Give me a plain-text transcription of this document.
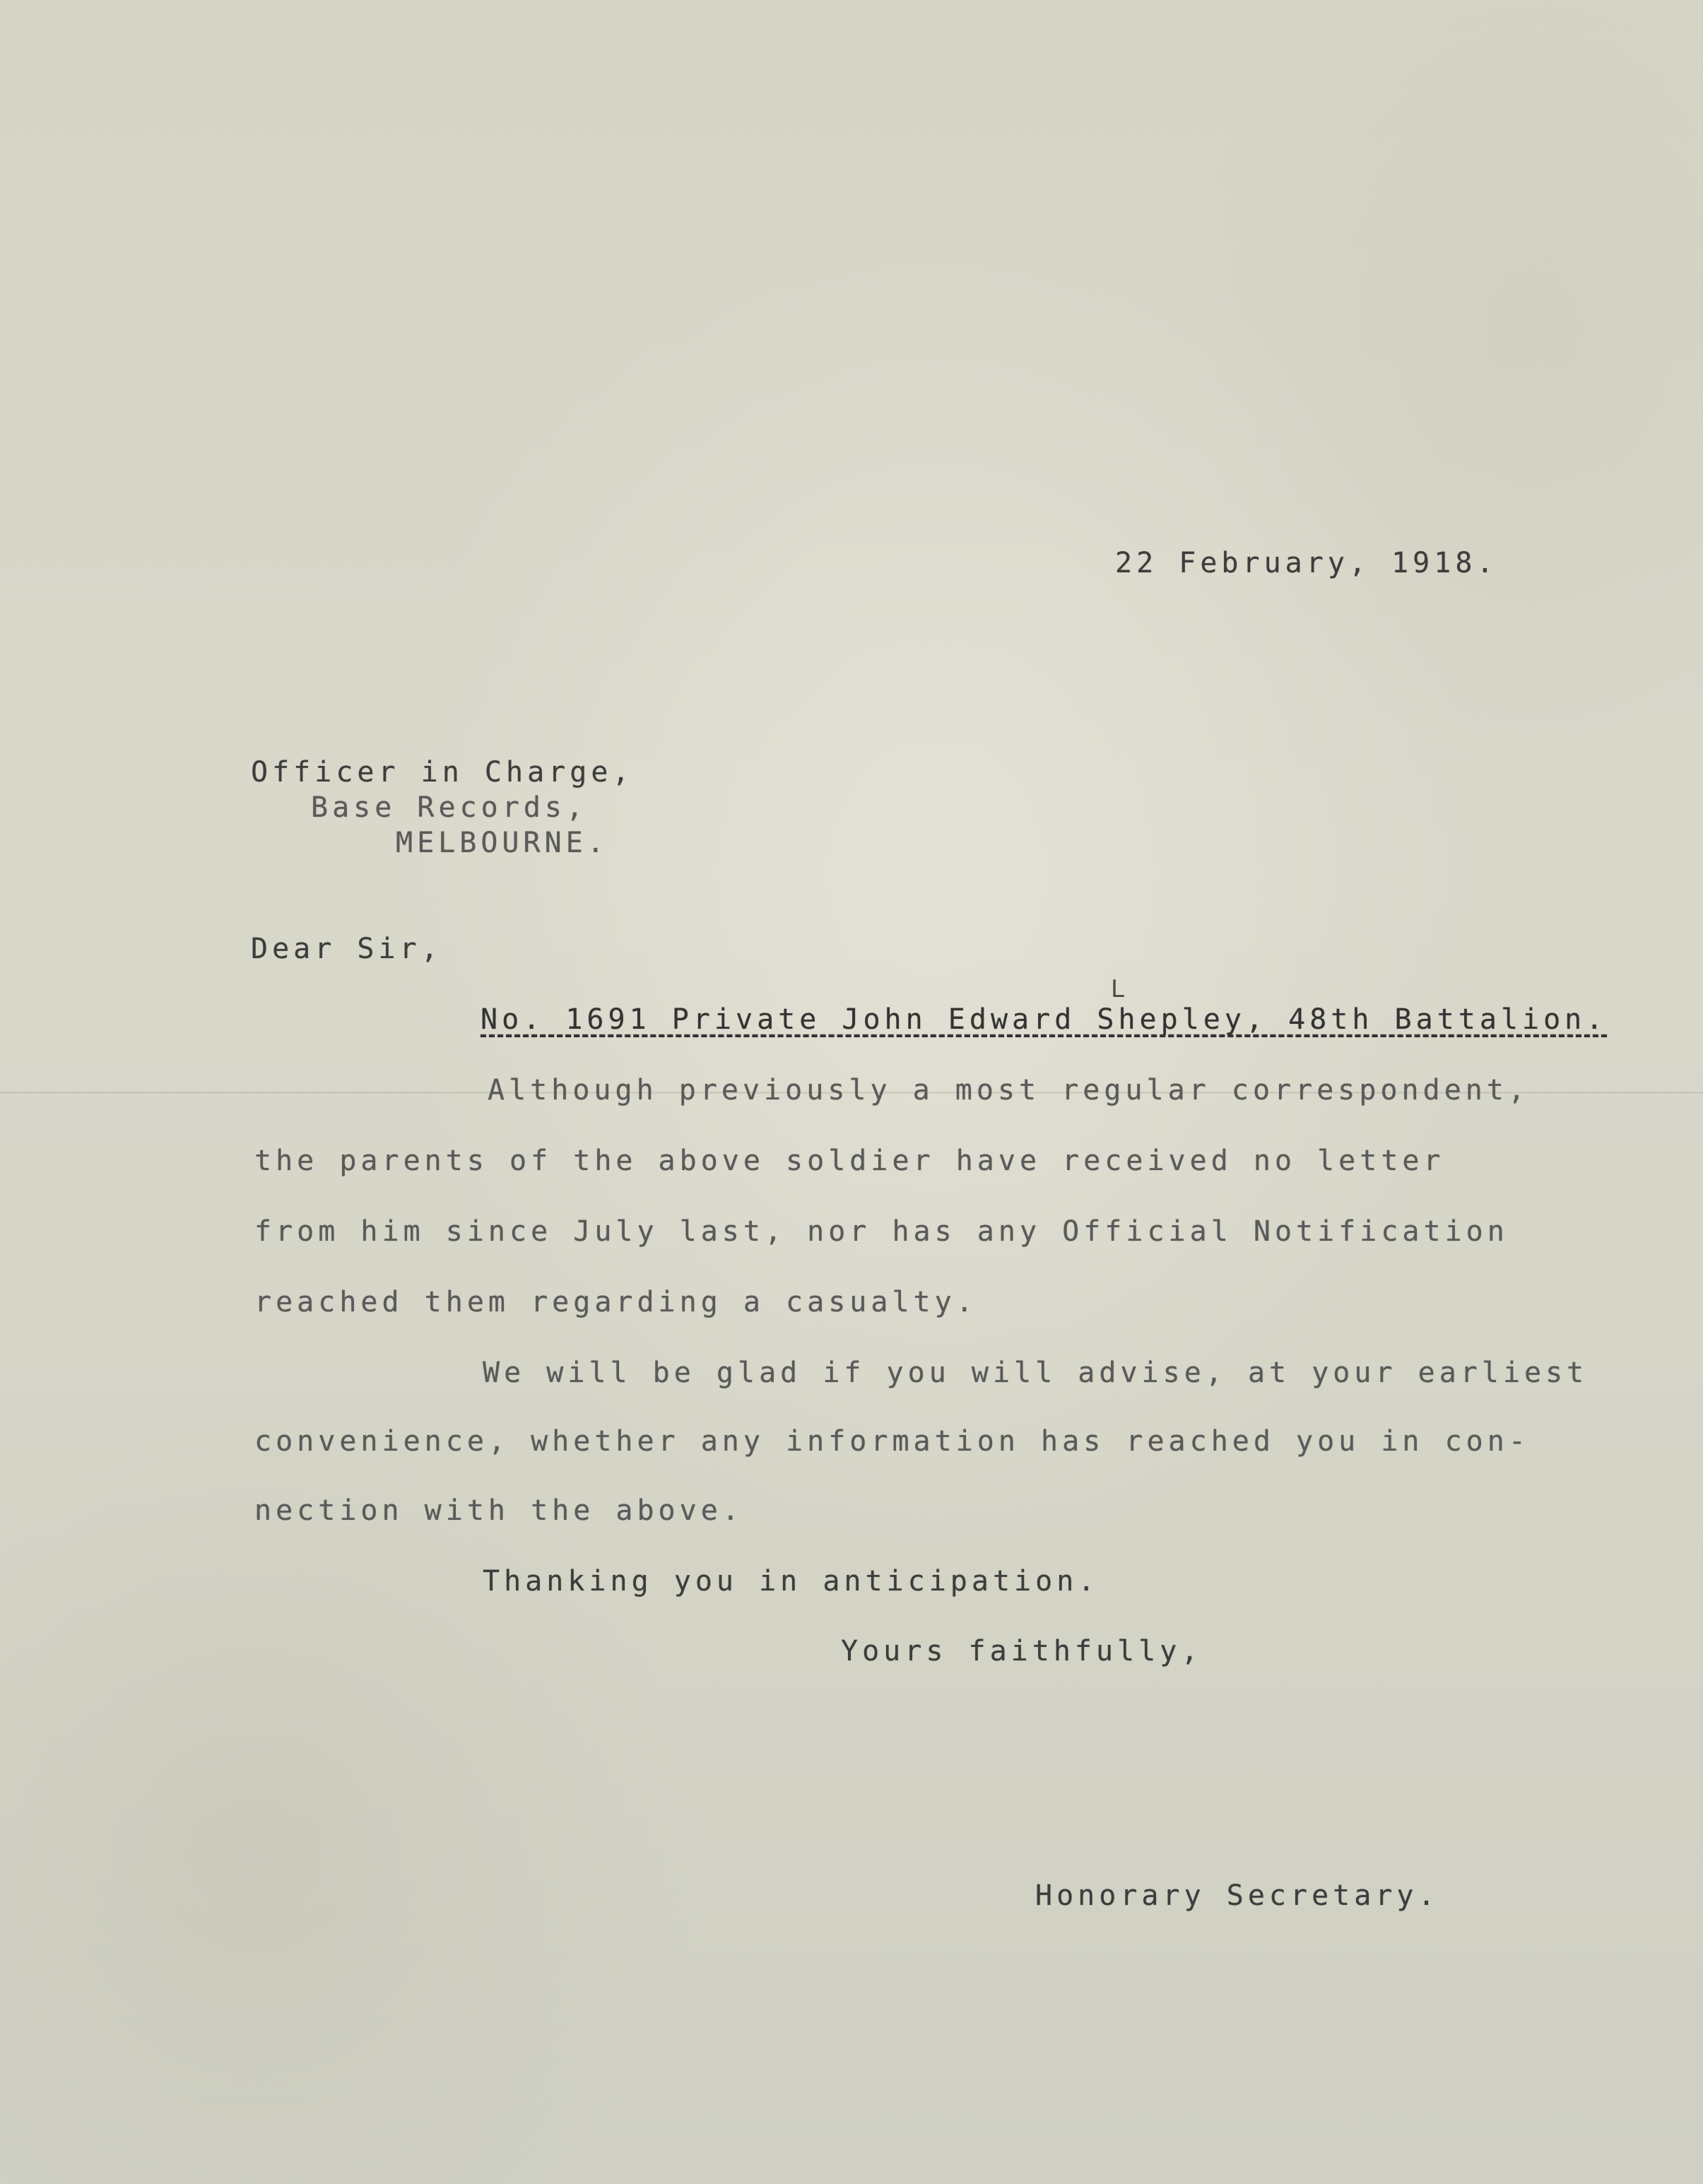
22 February, 1918.
Officer in Charge,
Base Records,
MELBOURNE.
Dear Sir,
L
No. 1691 Private John Edward Shepley, 48th Battalion.
Although previously a most regular correspondent,
the parents of the above soldier have received no letter
from him since July last, nor has any Official Notification
reached them regarding a casualty.
We will be glad if you will advise, at your earliest
convenience, whether any information has reached you in con-
nection with the above.
Thanking you in anticipation.
Yours faithfully,
Honorary Secretary.
